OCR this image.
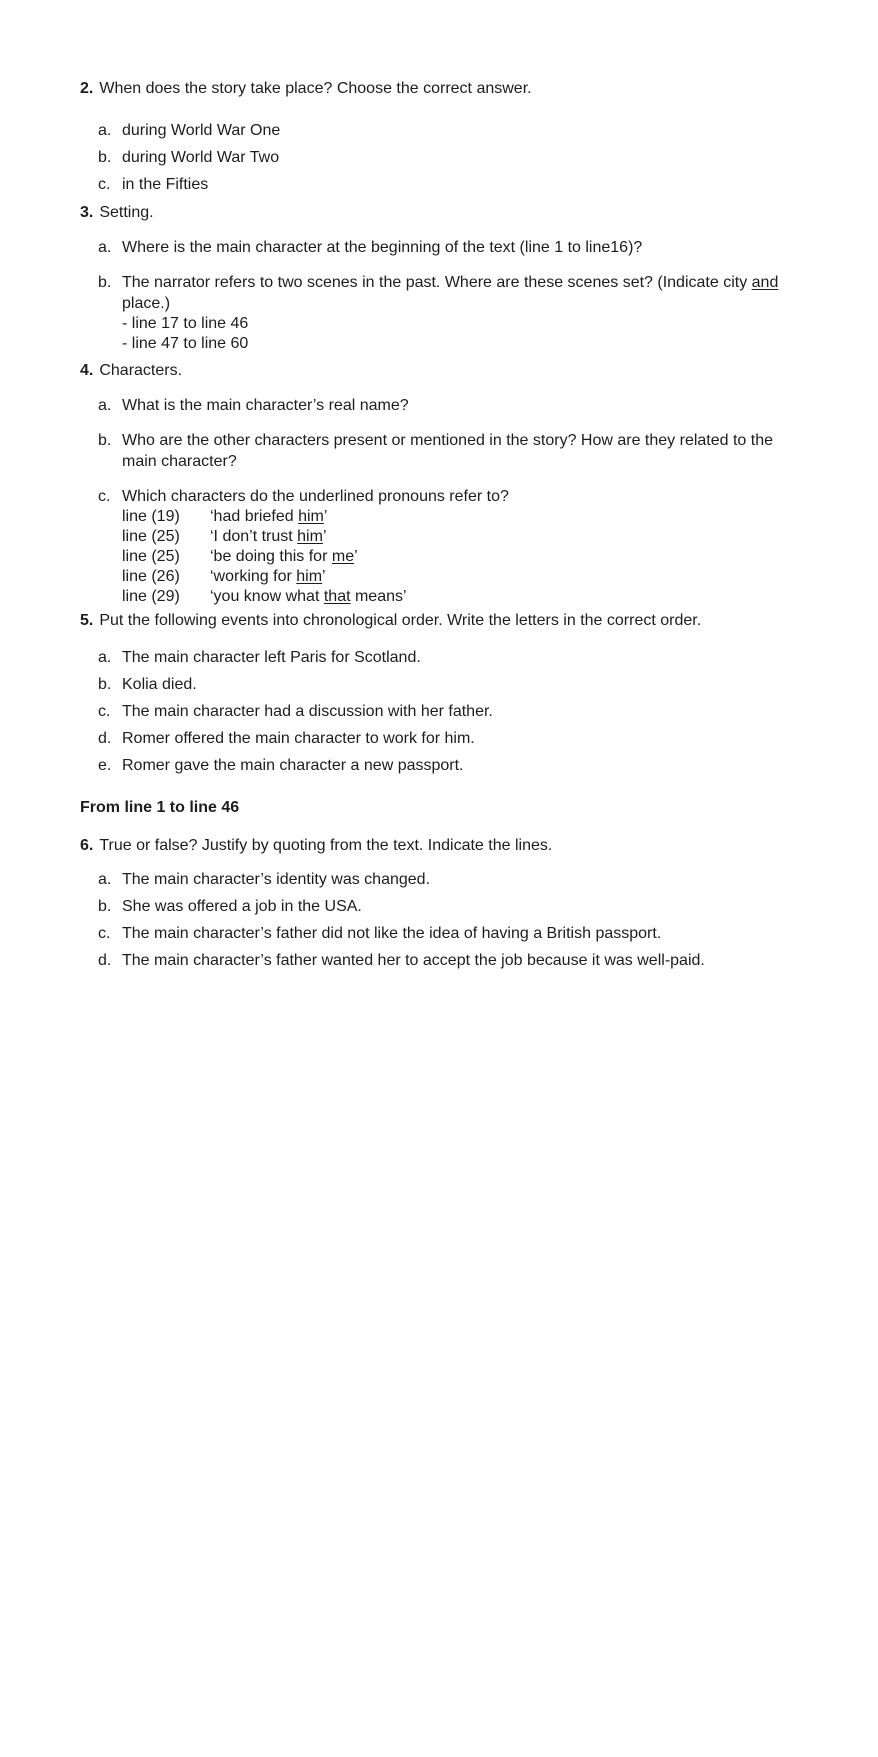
2. When does the story take place? Choose the correct answer.
a. during World War One
b. during World War Two
c. in the Fifties
3. Setting.
a. Where is the main character at the beginning of the text (line 1 to line16)?
b. The narrator refers to two scenes in the past. Where are these scenes set? (Indicate city and place.)
- line 17 to line 46
- line 47 to line 60
4. Characters.
a. What is the main character’s real name?
b. Who are the other characters present or mentioned in the story? How are they related to the main character?
c. Which characters do the underlined pronouns refer to?
line (19)	‘had briefed him’
line (25)	‘I don’t trust him’
line (25)	‘be doing this for me’
line (26)	‘working for him’
line (29)	‘you know what that means’
5. Put the following events into chronological order. Write the letters in the correct order.
a. The main character left Paris for Scotland.
b. Kolia died.
c. The main character had a discussion with her father.
d. Romer offered the main character to work for him.
e. Romer gave the main character a new passport.
From line 1 to line 46
6. True or false? Justify by quoting from the text. Indicate the lines.
a. The main character’s identity was changed.
b. She was offered a job in the USA.
c. The main character’s father did not like the idea of having a British passport.
d. The main character’s father wanted her to accept the job because it was well-paid.
